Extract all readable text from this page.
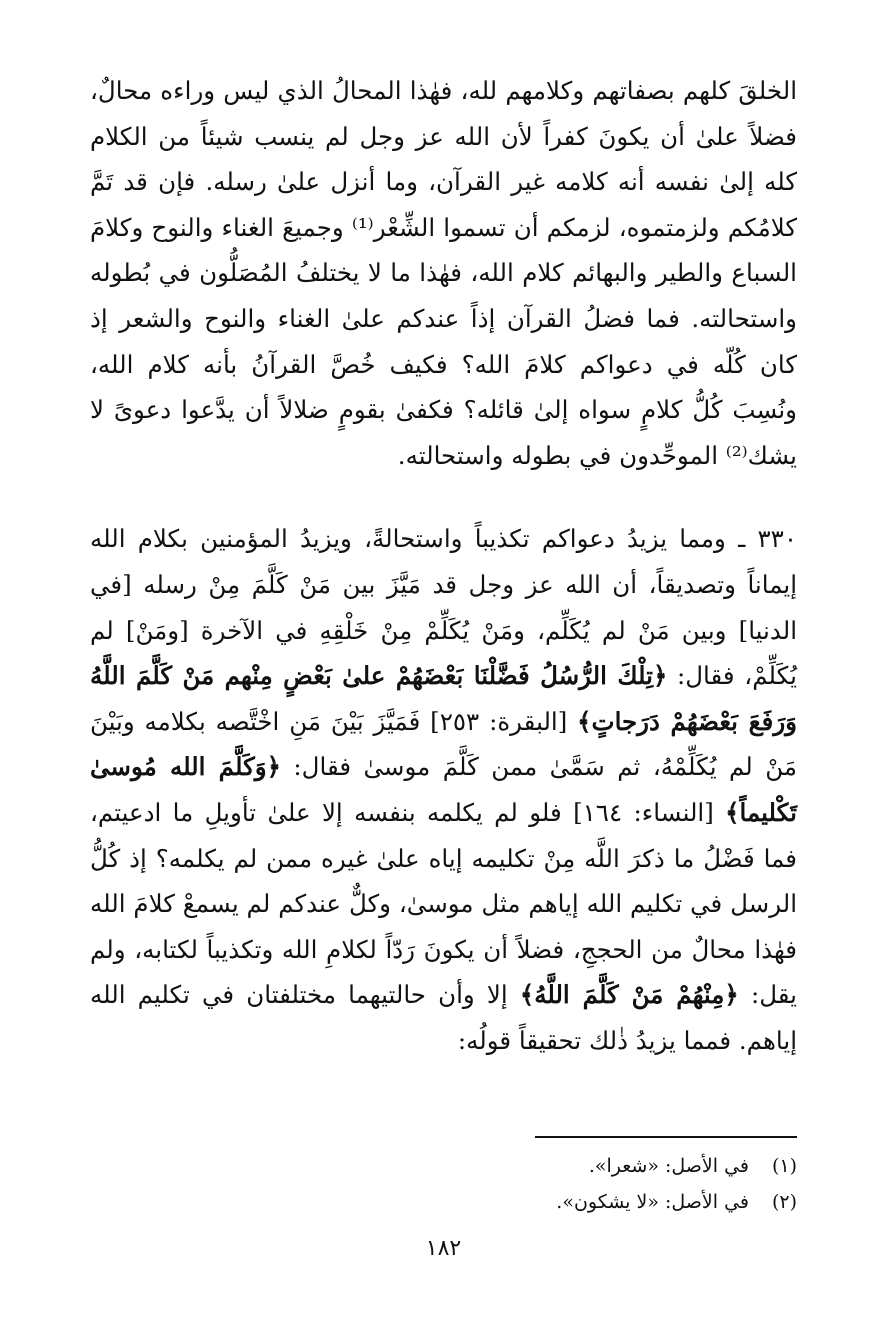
الخلقَ كلهم بصفاتهم وكلامهم لله، فهٰذا المحالُ الذي ليس وراءه محالٌ، فضلاً علىٰ أن يكونَ كفراً لأن الله عز وجل لم ينسب شيئاً من الكلام كله إلىٰ نفسه أنه كلامه غير القرآن، وما أنزل علىٰ رسله. فإن قد تَمَّ كلامُكم ولزمتموه، لزمكم أن تسموا الشِّعْر⁽¹⁾ وجميعَ الغناء والنوح وكلامَ السباع والطير والبهائم كلام الله، فهٰذا ما لا يختلفُ المُصَلُّون في بُطوله واستحالته. فما فضلُ القرآن إذاً عندكم علىٰ الغناء والنوح والشعر إذ كان كُلّه في دعواكم كلامَ الله؟ فكيف خُصَّ القرآنُ بأنه كلام الله، ونُسِبَ كُلُّ كلامٍ سواه إلىٰ قائله؟ فكفىٰ بقومٍ ضلالاً أن يدَّعوا دعوىً لا يشك⁽²⁾ الموحِّدون في بطوله واستحالته.

٣٣٠ ـ ومما يزيدُ دعواكم تكذيباً واستحالةً، ويزيدُ المؤمنين بكلام الله إيماناً وتصديقاً، أن الله عز وجل قد مَيَّزَ بين مَنْ كَلَّمَ مِنْ رسله [في الدنيا] وبين مَنْ لم يُكَلِّم، ومَنْ يُكَلِّمْ مِنْ خَلْقِهِ في الآخرة [ومَنْ] لم يُكَلِّمْ، فقال: ﴿تِلْكَ الرُّسُلُ فَضَّلْنَا بَعْضَهُمْ علىٰ بَعْضٍ مِنْهم مَنْ كَلَّمَ اللَّهُ وَرَفَعَ بَعْضَهُمْ دَرَجاتٍ﴾ [البقرة: ٢٥٣] فَمَيَّزَ بَيْنَ مَنِ اخْتَّصه بكلامه وبَيْنَ مَنْ لم يُكَلِّمْهُ، ثم سَمَّىٰ ممن كَلَّمَ موسىٰ فقال: ﴿وَكَلَّمَ الله مُوسىٰ تَكْليماً﴾ [النساء: ١٦٤] فلو لم يكلمه بنفسه إلا علىٰ تأويلِ ما ادعيتم، فما فَضْلُ ما ذكرَ اللَّه مِنْ تكليمه إياه علىٰ غيره ممن لم يكلمه؟ إذ كُلُّ الرسل في تكليم الله إياهم مثل موسىٰ، وكلٌّ عندكم لم يسمعْ كلامَ الله فهٰذا محالٌ من الحججِ، فضلاً أن يكونَ رَدّاً لكلامِ الله وتكذيباً لكتابه، ولم يقل: ﴿مِنْهُمْ مَنْ كَلَّمَ اللَّهُ﴾ إلا وأن حالتيهما مختلفتان في تكليم الله إياهم. فمما يزيدُ ذٰلك تحقيقاً قولُه:

(١)في الأصل: «شعرا».
(٢)في الأصل: «لا يشكون».
١٨٢
